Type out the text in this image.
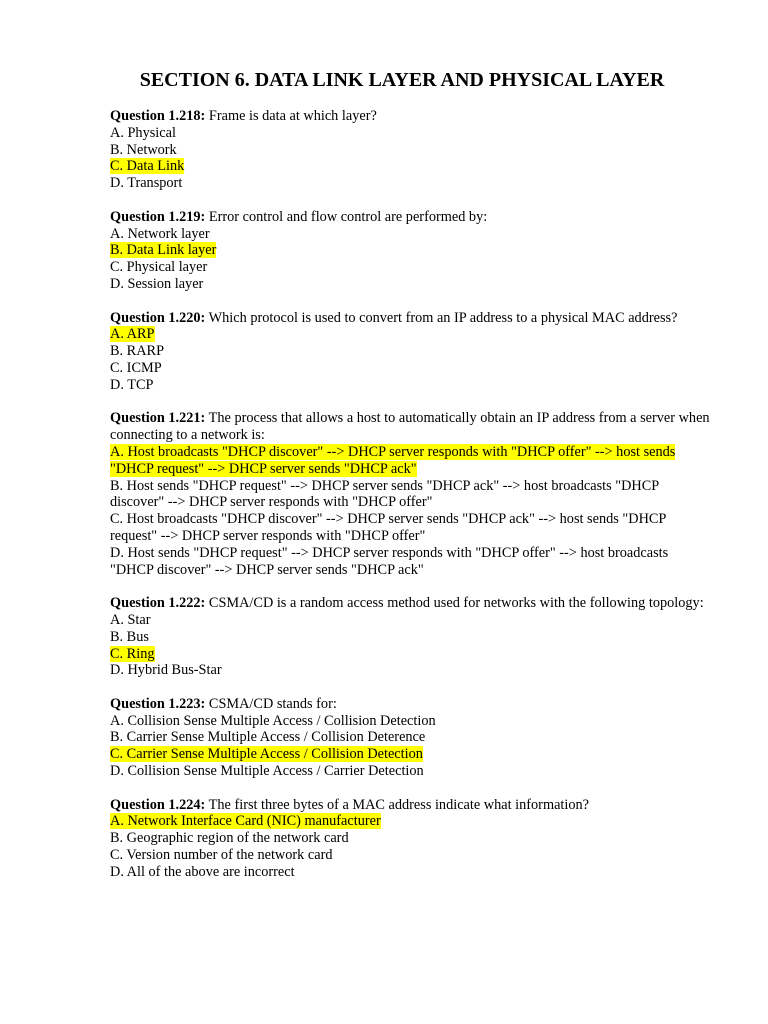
SECTION 6. DATA LINK LAYER AND PHYSICAL LAYER
Question 1.218: Frame is data at which layer?
A. Physical
B. Network
C. Data Link
D. Transport
Question 1.219: Error control and flow control are performed by:
A. Network layer
B. Data Link layer
C. Physical layer
D. Session layer
Question 1.220: Which protocol is used to convert from an IP address to a physical MAC address?
A. ARP
B. RARP
C. ICMP
D. TCP
Question 1.221: The process that allows a host to automatically obtain an IP address from a server when connecting to a network is:
A. Host broadcasts "DHCP discover" --> DHCP server responds with "DHCP offer" --> host sends "DHCP request" --> DHCP server sends "DHCP ack"
B. Host sends "DHCP request" --> DHCP server sends "DHCP ack" --> host broadcasts "DHCP discover" --> DHCP server responds with "DHCP offer"
C. Host broadcasts "DHCP discover" --> DHCP server sends "DHCP ack" --> host sends "DHCP request" --> DHCP server responds with "DHCP offer"
D. Host sends "DHCP request" --> DHCP server responds with "DHCP offer" --> host broadcasts "DHCP discover" --> DHCP server sends "DHCP ack"
Question 1.222: CSMA/CD is a random access method used for networks with the following topology:
A. Star
B. Bus
C. Ring
D. Hybrid Bus-Star
Question 1.223: CSMA/CD stands for:
A. Collision Sense Multiple Access / Collision Detection
B. Carrier Sense Multiple Access / Collision Deterence
C. Carrier Sense Multiple Access / Collision Detection
D. Collision Sense Multiple Access / Carrier Detection
Question 1.224: The first three bytes of a MAC address indicate what information?
A. Network Interface Card (NIC) manufacturer
B. Geographic region of the network card
C. Version number of the network card
D. All of the above are incorrect
